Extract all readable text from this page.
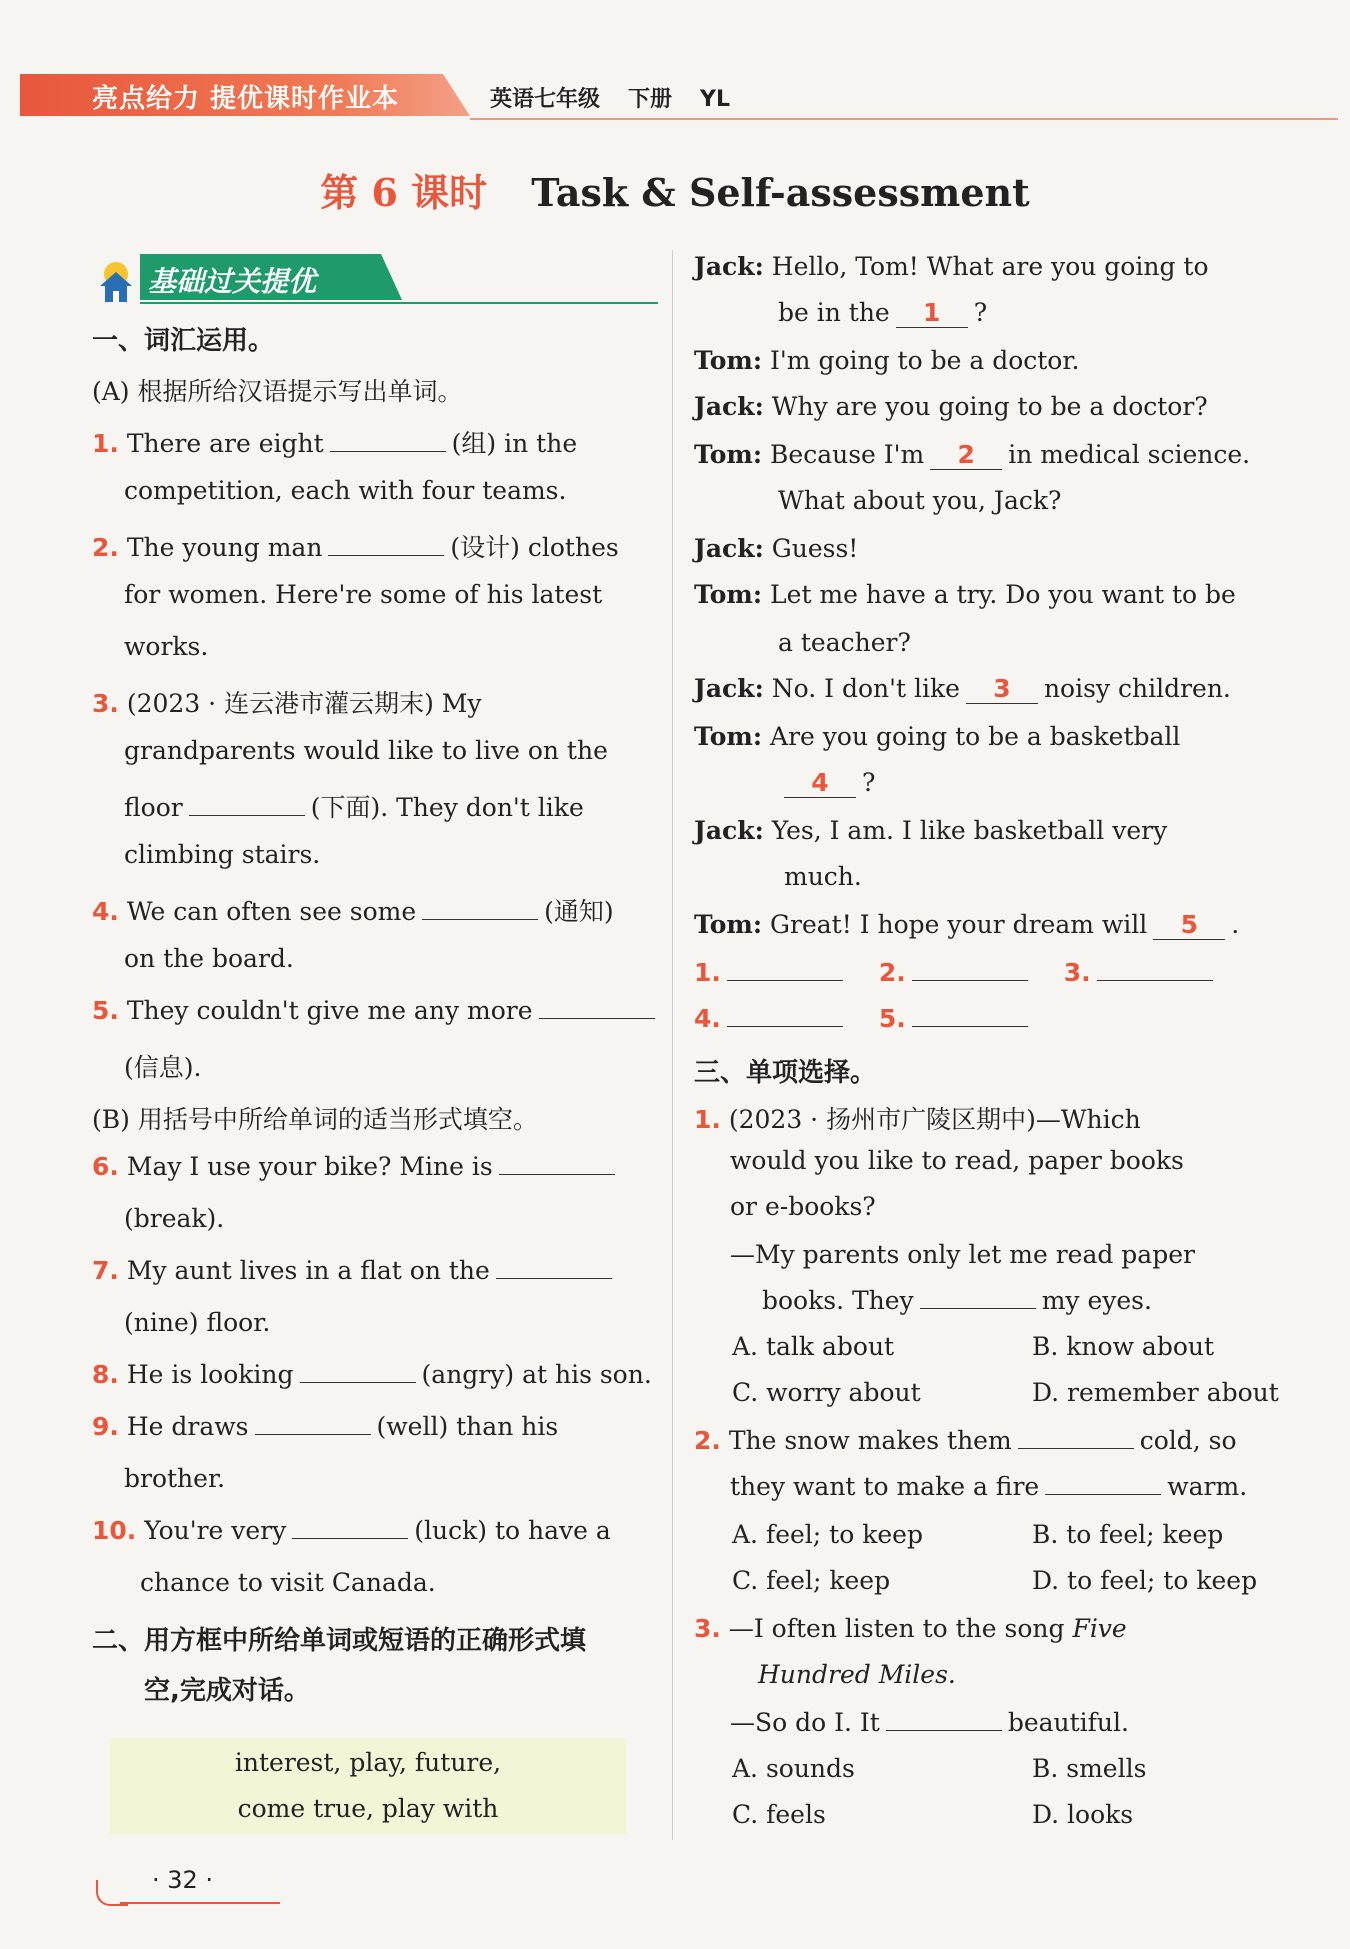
亮点给力 提优课时作业本	英语七年级 下册 YL
第 6 课时 Task & Self-assessment
基础过关提优
一、词汇运用。
(A) 根据所给汉语提示写出单词。
1. There are eight	(组) in the
competition, each with four teams.
2. The young man	(设计) clothes
for women. Here're some of his latest
works.
3. (2023 · 连云港市灌云期末) My
grandparents would like to live on the
floor	(下面). They don't like
climbing stairs.
4. We can often see some	(通知)
on the board.
5. They couldn't give me any more
(信息).
(B) 用括号中所给单词的适当形式填空。
6. May I use your bike? Mine is
(break).
7. My aunt lives in a flat on the
(nine) floor.
8. He is looking	(angry) at his son.
9. He draws	(well) than his
brother.
10. You're very	(luck) to have a
chance to visit Canada.
二、用方框中所给单词或短语的正确形式填
空,完成对话。
interest, play, future,
come true, play with
Jack: Hello, Tom! What are you going to
be in the 1 ?
Tom: I'm going to be a doctor.
Jack: Why are you going to be a doctor?
Tom: Because I'm 2 in medical science.
What about you, Jack?
Jack: Guess!
Tom: Let me have a try. Do you want to be
a teacher?
Jack: No. I don't like 3 noisy children.
Tom: Are you going to be a basketball
4 ?
Jack: Yes, I am. I like basketball very
much.
Tom: Great! I hope your dream will 5 .
1.	2.	3.
4.	5.
三、单项选择。
1. (2023 · 扬州市广陵区期中)—Which
would you like to read, paper books
or e-books?
—My parents only let me read paper
books. They	my eyes.
A. talk about	B. know about
C. worry about	D. remember about
2. The snow makes them	cold, so
they want to make a fire	warm.
A. feel; to keep	B. to feel; keep
C. feel; keep	D. to feel; to keep
3. —I often listen to the song Five
Hundred Miles.
—So do I. It	beautiful.
A. sounds	B. smells
C. feels	D. looks
· 32 ·
